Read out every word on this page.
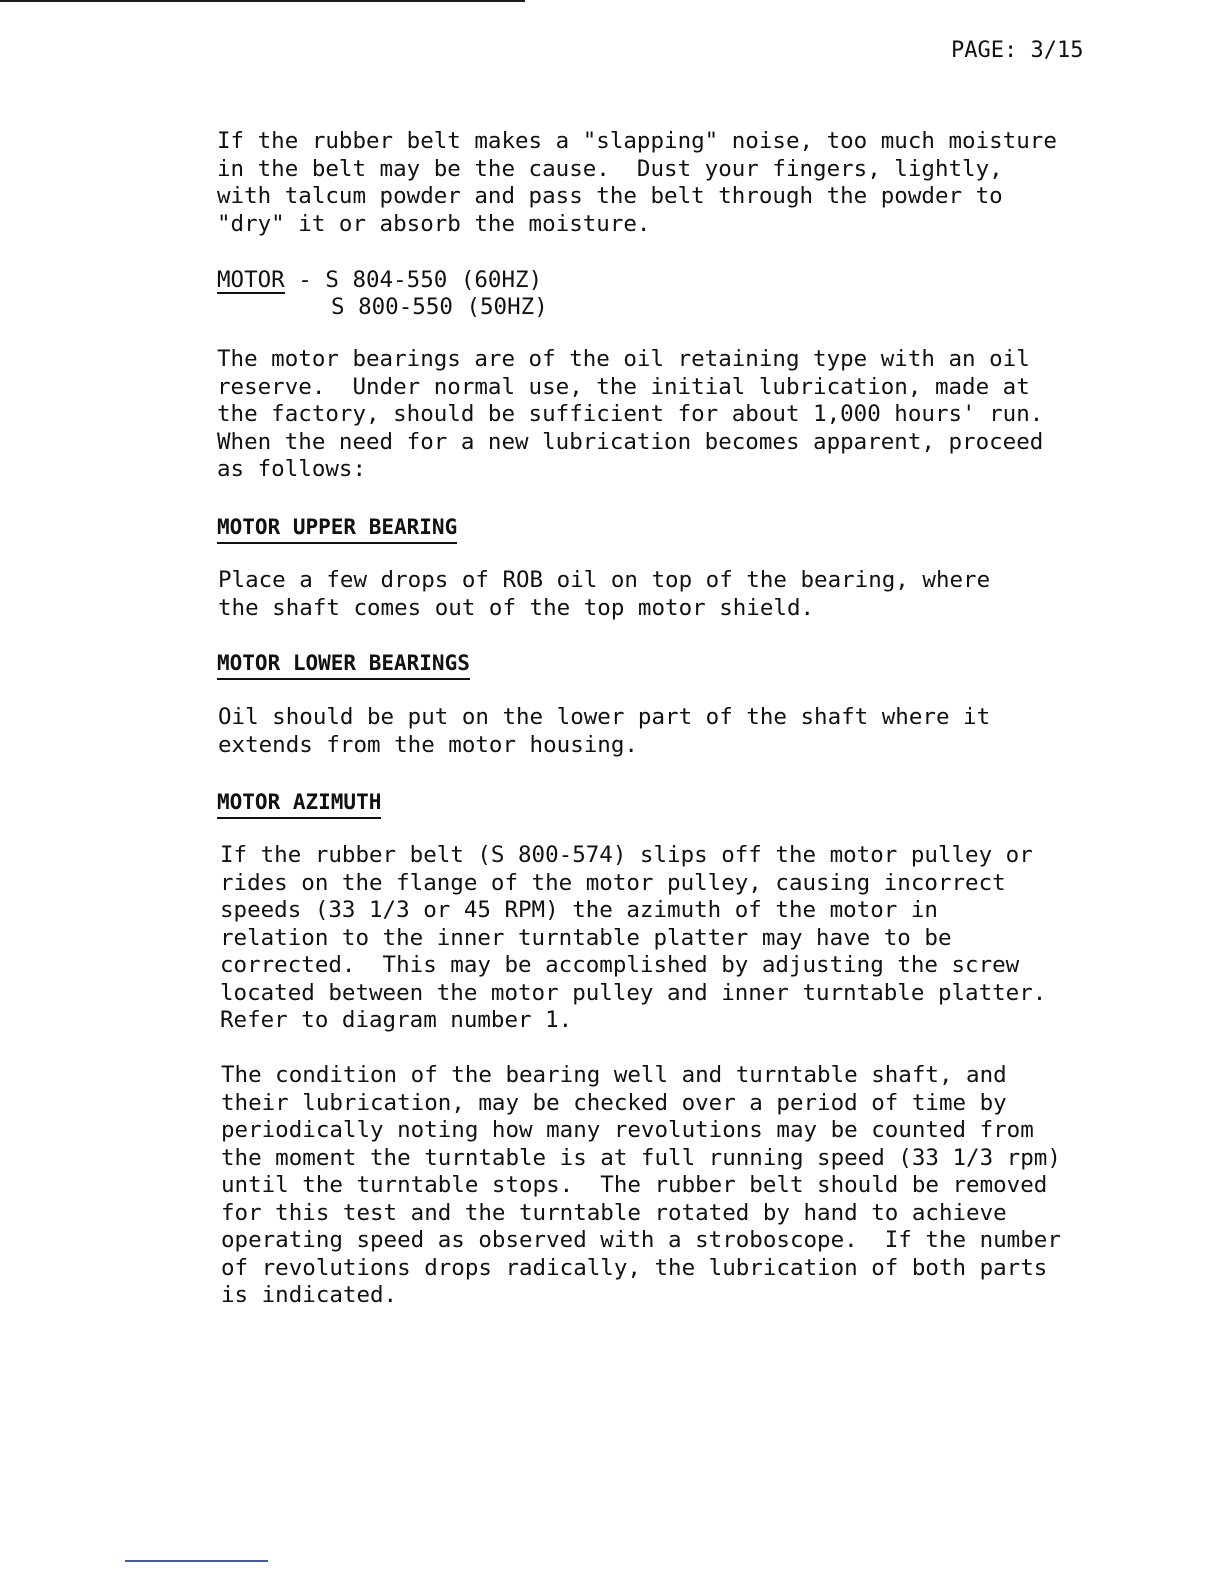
PAGE: 3/15

If the rubber belt makes a "slapping" noise, too much moisture
in the belt may be the cause.  Dust your fingers, lightly,
with talcum powder and pass the belt through the powder to
"dry" it or absorb the moisture.

MOTOR - S 804-550 (60HZ)
S 800-550 (50HZ)

The motor bearings are of the oil retaining type with an oil
reserve.  Under normal use, the initial lubrication, made at
the factory, should be sufficient for about 1,000 hours' run.
When the need for a new lubrication becomes apparent, proceed
as follows:

MOTOR UPPER BEARING

Place a few drops of ROB oil on top of the bearing, where
the shaft comes out of the top motor shield.

MOTOR LOWER BEARINGS

Oil should be put on the lower part of the shaft where it
extends from the motor housing.

MOTOR AZIMUTH

If the rubber belt (S 800-574) slips off the motor pulley or
rides on the flange of the motor pulley, causing incorrect
speeds (33 1/3 or 45 RPM) the azimuth of the motor in
relation to the inner turntable platter may have to be
corrected.  This may be accomplished by adjusting the screw
located between the motor pulley and inner turntable platter.
Refer to diagram number 1.

The condition of the bearing well and turntable shaft, and
their lubrication, may be checked over a period of time by
periodically noting how many revolutions may be counted from
the moment the turntable is at full running speed (33 1/3 rpm)
until the turntable stops.  The rubber belt should be removed
for this test and the turntable rotated by hand to achieve
operating speed as observed with a stroboscope.  If the number
of revolutions drops radically, the lubrication of both parts
is indicated.
